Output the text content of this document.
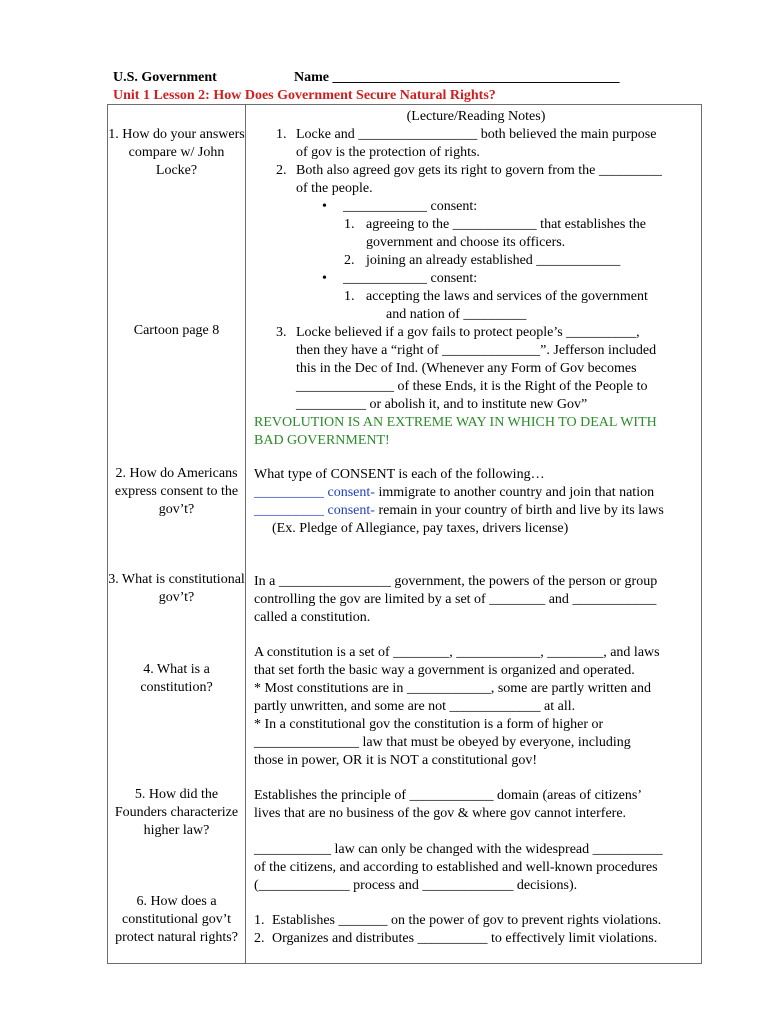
U.S. Government	Name _________________________________________
Unit 1 Lesson 2: How Does Government Secure Natural Rights?
1. How do your answers compare w/ John Locke?
Cartoon page 8
2. How do Americans express consent to the gov’t?
3. What is constitutional gov’t?
4. What is a constitution?
5. How did the Founders characterize higher law?
6. How does a constitutional gov’t protect natural rights?

(Lecture/Reading Notes)

1. Locke and _________________ both believed the main purpose

of gov is the protection of rights.

2. Both also agreed gov gets its right to govern from the _________

of the people.

• ____________ consent:

1. agreeing to the ____________ that establishes the

government and choose its officers.

2. joining an already established ____________

• ____________ consent:

1. accepting the laws and services of the government

and nation of _________

3. Locke believed if a gov fails to protect people’s __________,

then they have a “right of ______________”. Jefferson included

this in the Dec of Ind. (Whenever any Form of Gov becomes

______________ of these Ends, it is the Right of the People to

__________ or abolish it, and to institute new Gov”

REVOLUTION IS AN EXTREME WAY IN WHICH TO DEAL WITH

BAD GOVERNMENT!

What type of CONSENT is each of the following…

__________ consent- immigrate to another country and join that nation

__________ consent- remain in your country of birth and live by its laws

(Ex. Pledge of Allegiance, pay taxes, drivers license)

In a ________________ government, the powers of the person or group

controlling the gov are limited by a set of ________ and ____________

called a constitution.

A constitution is a set of ________, ____________, ________, and laws

that set forth the basic way a government is organized and operated.

* Most constitutions are in ____________, some are partly written and

partly unwritten, and some are not _____________ at all.

* In a constitutional gov the constitution is a form of higher or

_______________ law that must be obeyed by everyone, including

those in power, OR it is NOT a constitutional gov!

Establishes the principle of ____________ domain (areas of citizens’

lives that are no business of the gov & where gov cannot interfere.

___________ law can only be changed with the widespread __________

of the citizens, and according to established and well-known procedures

(_____________ process and _____________ decisions).

1. Establishes _______ on the power of gov to prevent rights violations.

2. Organizes and distributes __________ to effectively limit violations.
